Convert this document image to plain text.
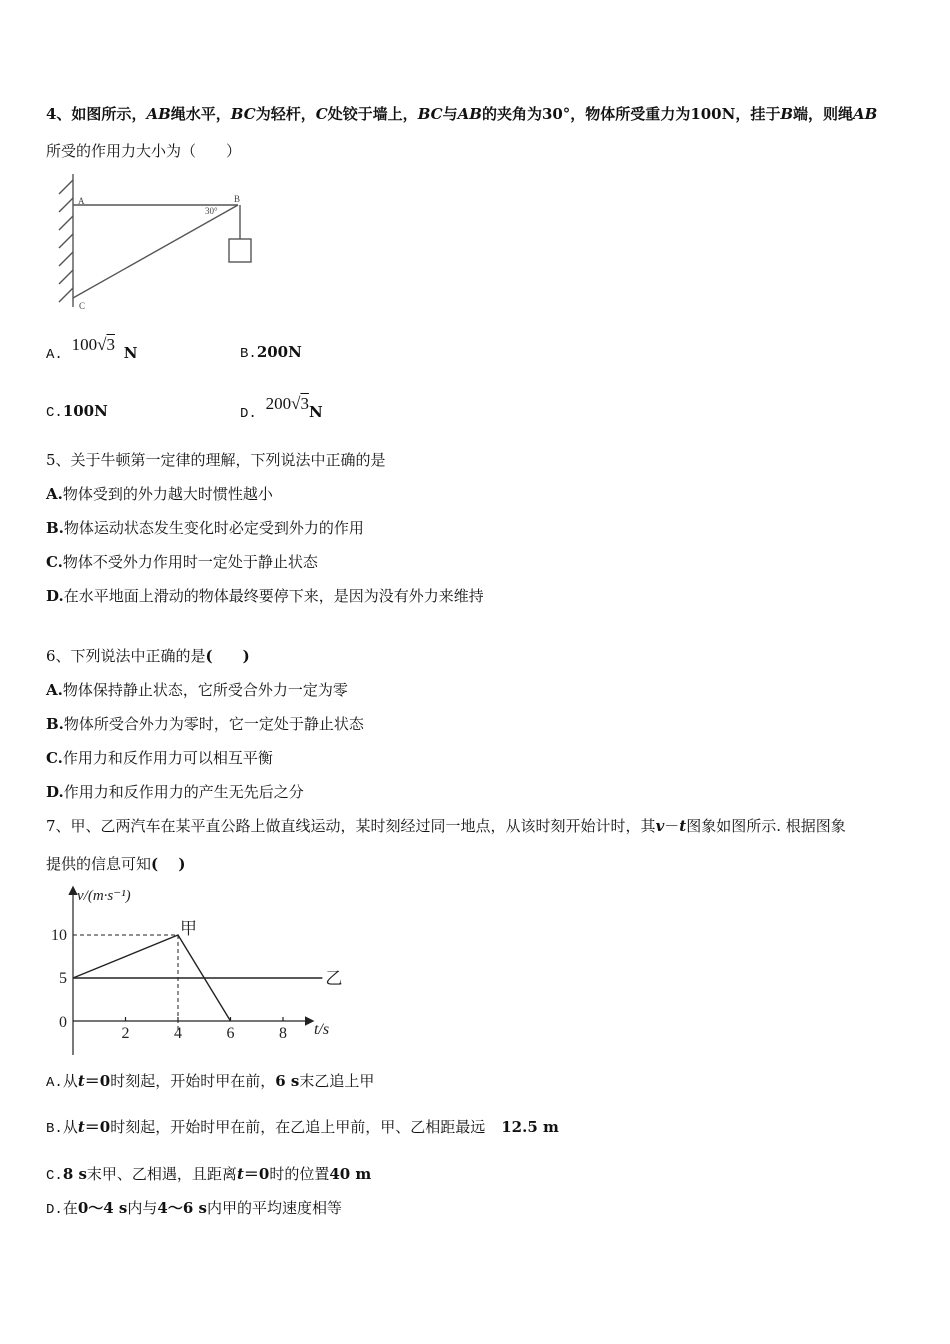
4、如图所示，AB绳水平，BC为轻杆，C处铰于墙上，BC与AB的夹角为30°，物体所受重力为100N，挂于B端，则绳AB
所受的作用力大小为（　　）
A	B
C
30°
A. 100√3 N	B.200N
C.100N	D. 200√3N
5、关于牛顿第一定律的理解，下列说法中正确的是
A.物体受到的外力越大时惯性越小
B.物体运动状态发生变化时必定受到外力的作用
C.物体不受外力作用时一定处于静止状态
D.在水平地面上滑动的物体最终要停下来，是因为没有外力来维持
6、下列说法中正确的是(　　)
A.物体保持静止状态，它所受合外力一定为零
B.物体所受合外力为零时，它一定处于静止状态
C.作用力和反作用力可以相互平衡
D.作用力和反作用力的产生无先后之分
7、甲、乙两汽车在某平直公路上做直线运动，某时刻经过同一地点，从该时刻开始计时，其v－t图象如图所示. 根据图象
提供的信息可知(　 )
v/(m·s⁻¹)
t/s
2	4	6	8
0
5
10	甲
乙
A.从t＝0时刻起，开始时甲在前，6 s末乙追上甲
B.从t＝0时刻起，开始时甲在前，在乙追上甲前，甲、乙相距最远 12.5 m
C.8 s末甲、乙相遇，且距离t＝0时的位置40 m
D.在0～4 s内与4～6 s内甲的平均速度相等
